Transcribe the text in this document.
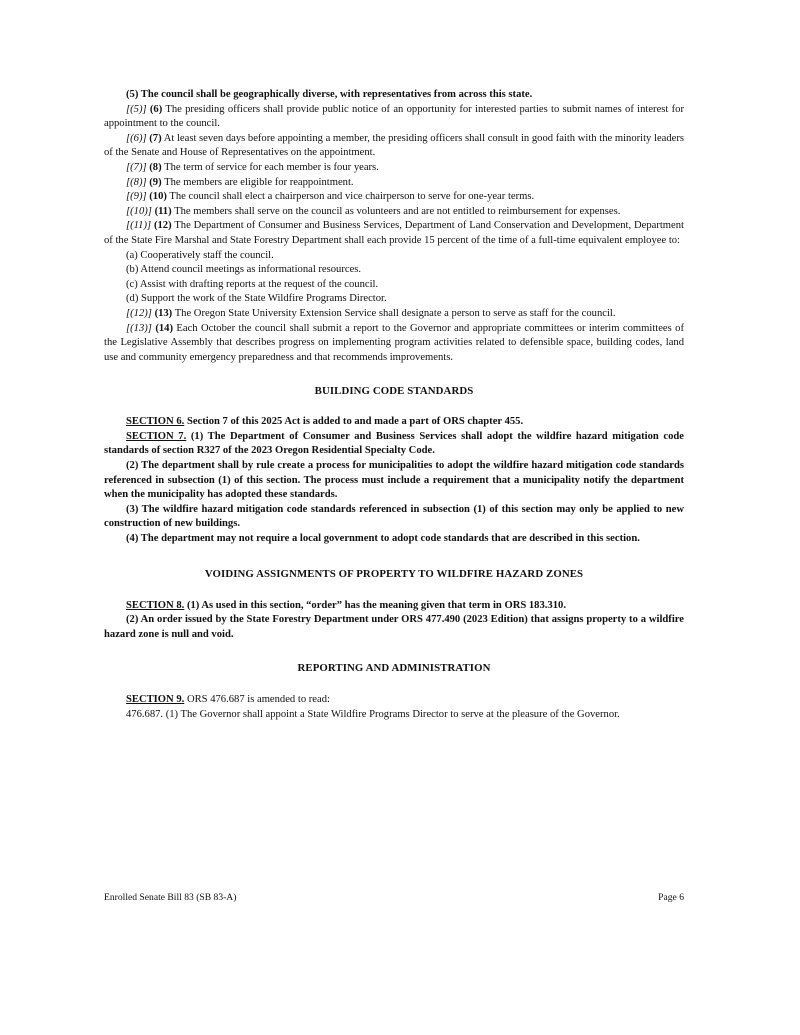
(5) The council shall be geographically diverse, with representatives from across this state.

[(5)] (6) The presiding officers shall provide public notice of an opportunity for interested parties to submit names of interest for appointment to the council.

[(6)] (7) At least seven days before appointing a member, the presiding officers shall consult in good faith with the minority leaders of the Senate and House of Representatives on the appointment.

[(7)] (8) The term of service for each member is four years.

[(8)] (9) The members are eligible for reappointment.

[(9)] (10) The council shall elect a chairperson and vice chairperson to serve for one-year terms.

[(10)] (11) The members shall serve on the council as volunteers and are not entitled to reimbursement for expenses.

[(11)] (12) The Department of Consumer and Business Services, Department of Land Conservation and Development, Department of the State Fire Marshal and State Forestry Department shall each provide 15 percent of the time of a full-time equivalent employee to:

(a) Cooperatively staff the council.

(b) Attend council meetings as informational resources.

(c) Assist with drafting reports at the request of the council.

(d) Support the work of the State Wildfire Programs Director.

[(12)] (13) The Oregon State University Extension Service shall designate a person to serve as staff for the council.

[(13)] (14) Each October the council shall submit a report to the Governor and appropriate committees or interim committees of the Legislative Assembly that describes progress on implementing program activities related to defensible space, building codes, land use and community emergency preparedness and that recommends improvements.

BUILDING CODE STANDARDS

SECTION 6. Section 7 of this 2025 Act is added to and made a part of ORS chapter 455.

SECTION 7. (1) The Department of Consumer and Business Services shall adopt the wildfire hazard mitigation code standards of section R327 of the 2023 Oregon Residential Specialty Code.

(2) The department shall by rule create a process for municipalities to adopt the wildfire hazard mitigation code standards referenced in subsection (1) of this section. The process must include a requirement that a municipality notify the department when the municipality has adopted these standards.

(3) The wildfire hazard mitigation code standards referenced in subsection (1) of this section may only be applied to new construction of new buildings.

(4) The department may not require a local government to adopt code standards that are described in this section.

VOIDING ASSIGNMENTS OF PROPERTY TO WILDFIRE HAZARD ZONES

SECTION 8. (1) As used in this section, “order” has the meaning given that term in ORS 183.310.

(2) An order issued by the State Forestry Department under ORS 477.490 (2023 Edition) that assigns property to a wildfire hazard zone is null and void.

REPORTING AND ADMINISTRATION

SECTION 9. ORS 476.687 is amended to read:

476.687. (1) The Governor shall appoint a State Wildfire Programs Director to serve at the pleasure of the Governor.

Enrolled Senate Bill 83 (SB 83-A)	Page 6
